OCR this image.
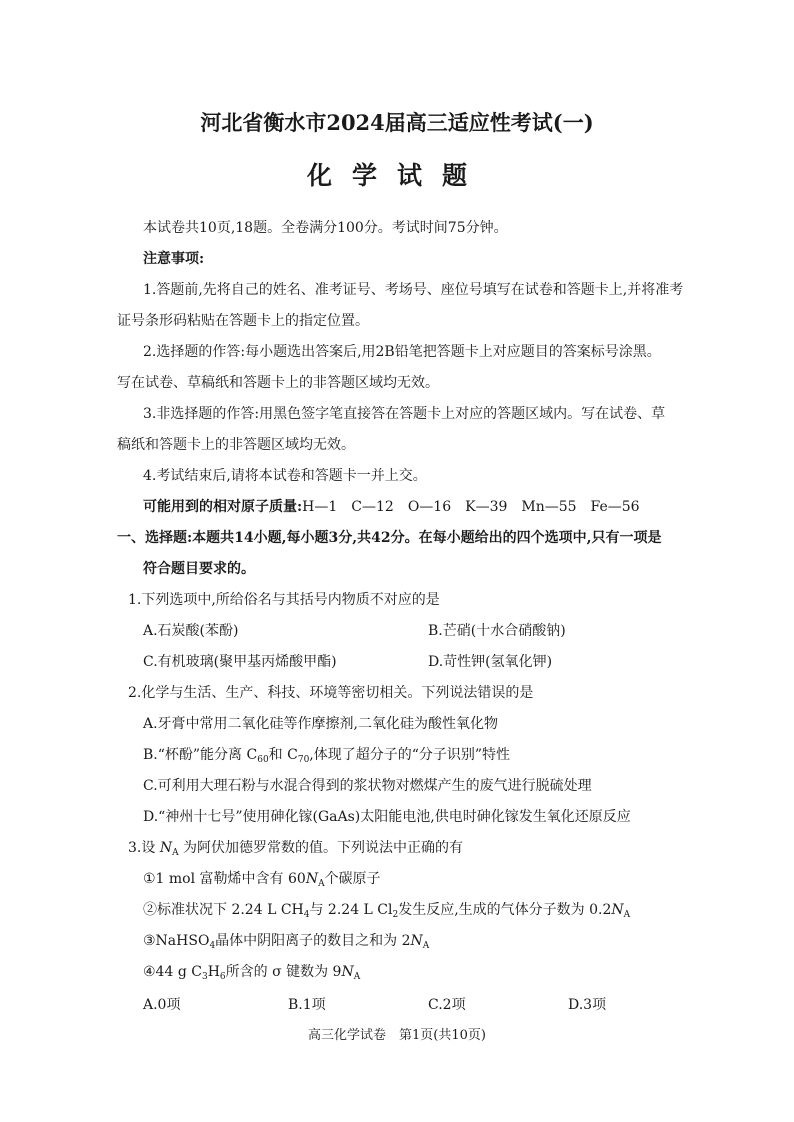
河北省衡水市2024届高三适应性考试(一)
化学试题
本试卷共10页,18题。全卷满分100分。考试时间75分钟。
注意事项:
1.答题前,先将自己的姓名、准考证号、考场号、座位号填写在试卷和答题卡上,并将准考
证号条形码粘贴在答题卡上的指定位置。
2.选择题的作答:每小题选出答案后,用2B铅笔把答题卡上对应题目的答案标号涂黑。
写在试卷、草稿纸和答题卡上的非答题区域均无效。
3.非选择题的作答:用黑色签字笔直接答在答题卡上对应的答题区域内。写在试卷、草
稿纸和答题卡上的非答题区域均无效。
4.考试结束后,请将本试卷和答题卡一并上交。
可能用到的相对原子质量:H—1　C—12　O—16　K—39　Mn—55　Fe—56
一、选择题:本题共14小题,每小题3分,共42分。在每小题给出的四个选项中,只有一项是
符合题目要求的。
1.下列选项中,所给俗名与其括号内物质不对应的是
A.石炭酸(苯酚)	B.芒硝(十水合硝酸钠)
C.有机玻璃(聚甲基丙烯酸甲酯)	D.苛性钾(氢氧化钾)
2.化学与生活、生产、科技、环境等密切相关。下列说法错误的是
A.牙膏中常用二氧化硅等作摩擦剂,二氧化硅为酸性氧化物
B.“杯酚”能分离 $C_{60}$和 $C_{70}$,体现了超分子的“分子识别”特性
C.可利用大理石粉与水混合得到的浆状物对燃煤产生的废气进行脱硫处理
D.“神州十七号”使用砷化镓(GaAs)太阳能电池,供电时砷化镓发生氧化还原反应
3.设 $N_A$ 为阿伏加德罗常数的值。下列说法中正确的有
①1 mol 富勒烯中含有 $60N_A$个碳原子
②标准状况下 2.24 L $CH_4$与 2.24 L $Cl_2$发生反应,生成的气体分子数为 $0.2N_A$
③NaHSO$_4$晶体中阴阳离子的数目之和为 $2N_A$
④44 g $C_3H_6$所含的 σ 键数为 $9N_A$
A.0项	B.1项	C.2项	D.3项
高三化学试卷　第1页(共10页)
